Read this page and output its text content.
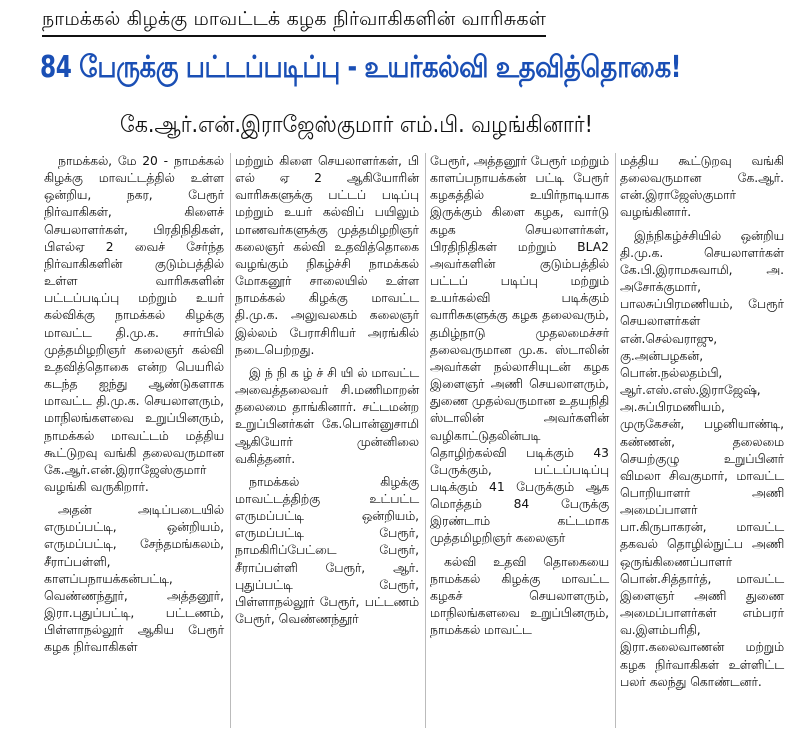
நாமக்கல் கிழக்கு மாவட்டக் கழக நிர்வாகிகளின் வாரிசுகள்
84 பேருக்கு பட்டப்படிப்பு - உயர்கல்வி உதவித்தொகை!
கே.ஆர்.என்.இராஜேஸ்குமார் எம்.பி. வழங்கினார்!

நாமக்கல், மே 20 - நாமக்கல் கிழக்கு மாவட்டத்தில் உள்ள ஒன்றிய, நகர, பேரூர் நிர்வாகிகள், கிளைச் செயலாளர்கள், பிரதிநிதிகள், பிஎல்ஏ 2 வைச் சேர்ந்த நிர்வாகிகளின் குடும்பத்தில் உள்ள வாரிசுகளின் பட்டப்படிப்பு மற்றும் உயர் கல்விக்கு நாமக்கல் கிழக்கு மாவட்ட தி.மு.க. சார்பில் முத்தமிழறிஞர் கலைஞர் கல்வி உதவித்தொகை என்ற பெயரில் கடந்த ஐந்து ஆண்டுகளாக மாவட்ட தி.மு.க. செயலாளரும், மாநிலங்களவை உறுப்பினரும், நாமக்கல் மாவட்டம் மத்திய கூட்டுறவு வங்கி தலைவருமான கே.ஆர்.என்.இராஜேஸ்குமார் வழங்கி வருகிறார்.

அதன் அடிப்படையில் எருமப்பட்டி, ஒன்றியம், எருமப்பட்டி, சேந்தமங்கலம், சீராப்பள்ளி, காளப்பநாயக்கன்பட்டி, வெண்ணந்தூர், அத்தனூர், இரா.புதுப்பட்டி, பட்டணம், பிள்ளாநல்லூர் ஆகிய பேரூர் கழக நிர்வாகிகள்

மற்றும் கிளை செயலாளர்கள், பி எல் ஏ 2 ஆகியோரின் வாரிசுகளுக்கு பட்டப் படிப்பு மற்றும் உயர் கல்விப் பயிலும் மாணவர்களுக்கு முத்தமிழறிஞர் கலைஞர் கல்வி உதவித்தொகை வழங்கும் நிகழ்ச்சி நாமக்கல் மோகனூர் சாலையில் உள்ள நாமக்கல் கிழக்கு மாவட்ட தி.மு.க. அலுவலகம் கலைஞர் இல்லம் பேராசிரியர் அரங்கில் நடைபெற்றது.

இ ந் நி க ழ் ச் சி யி ல் மாவட்ட அவைத்தலைவர் சி.மணிமாறன் தலைமை தாங்கினார். சட்டமன்ற உறுப்பினர்கள் கே.பொன்னுசாமி ஆகியோர் முன்னிலை வகித்தனர்.

நாமக்கல் கிழக்கு மாவட்டத்திற்கு உட்பட்ட எருமப்பட்டி ஒன்றியம், எருமப்பட்டி பேரூர், நாமகிரிப்பேட்டை பேரூர், சீராப்பள்ளி பேரூர், ஆர். புதுப்பட்டி பேரூர், பிள்ளாநல்லூர் பேரூர், பட்டணம் பேரூர், வெண்ணந்தூர்

பேரூர், அத்தனூர் பேரூர் மற்றும் காளப்பநாயக்கன் பட்டி பேரூர் கழகத்தில் உயிர்நாடியாக இருக்கும் கிளை கழக, வார்டு கழக செயலாளர்கள், பிரதிநிதிகள் மற்றும் BLA2 அவர்களின் குடும்பத்தில் பட்டப் படிப்பு மற்றும் உயர்கல்வி படிக்கும் வாரிசுகளுக்கு கழக தலைவரும், தமிழ்நாடு முதலமைச்சர் தலைவருமான மு.க. ஸ்டாலின் அவர்கள் நல்லாசியுடன் கழக இளைஞர் அணி செயலாளரும், துணை முதல்வருமான உதயநிதி ஸ்டாலின் அவர்களின் வழிகாட்டுதலின்படி தொழிற்கல்வி படிக்கும் 43 பேருக்கும், பட்டப்படிப்பு படிக்கும் 41 பேருக்கும் ஆக மொத்தம் 84 பேருக்கு இரண்டாம் கட்டமாக முத்தமிழறிஞர் கலைஞர்

கல்வி உதவி தொகையை நாமக்கல் கிழக்கு மாவட்ட கழகச் செயலாளரும், மாநிலங்களவை உறுப்பினரும், நாமக்கல் மாவட்ட

மத்திய கூட்டுறவு வங்கி தலைவருமான கே.ஆர். என்.இராஜேஸ்குமார் வழங்கினார்.

இந்நிகழ்ச்சியில் ஒன்றிய தி.மு.க. செயலாளர்கள் கே.பி.இராமசுவாமி, அ. அசோக்குமார், பாலசுப்பிரமணியம், பேரூர் செயலாளர்கள் என்.செல்வராஜு, கு.அன்பழகன், பொன்.நல்லதம்பி, ஆர்.எஸ்.எஸ்.இராஜேஷ், அ.சுப்பிரமணியம், முருகேசன், பழனியாண்டி, கண்ணன், தலைமை செயற்குழு உறுப்பினர் விமலா சிவகுமார், மாவட்ட பொறியாளர் அணி அமைப்பாளர் பா.கிருபாகரன், மாவட்ட தகவல் தொழில்நுட்ப அணி ஒருங்கிணைப்பாளர் பொன்.சித்தார்த், மாவட்ட இளைஞர் அணி துணை அமைப்பாளர்கள் எம்பரர் வ.இளம்பரிதி, இரா.கலைவாணன் மற்றும் கழக நிர்வாகிகள் உள்ளிட்ட பலர் கலந்து கொண்டனர்.
